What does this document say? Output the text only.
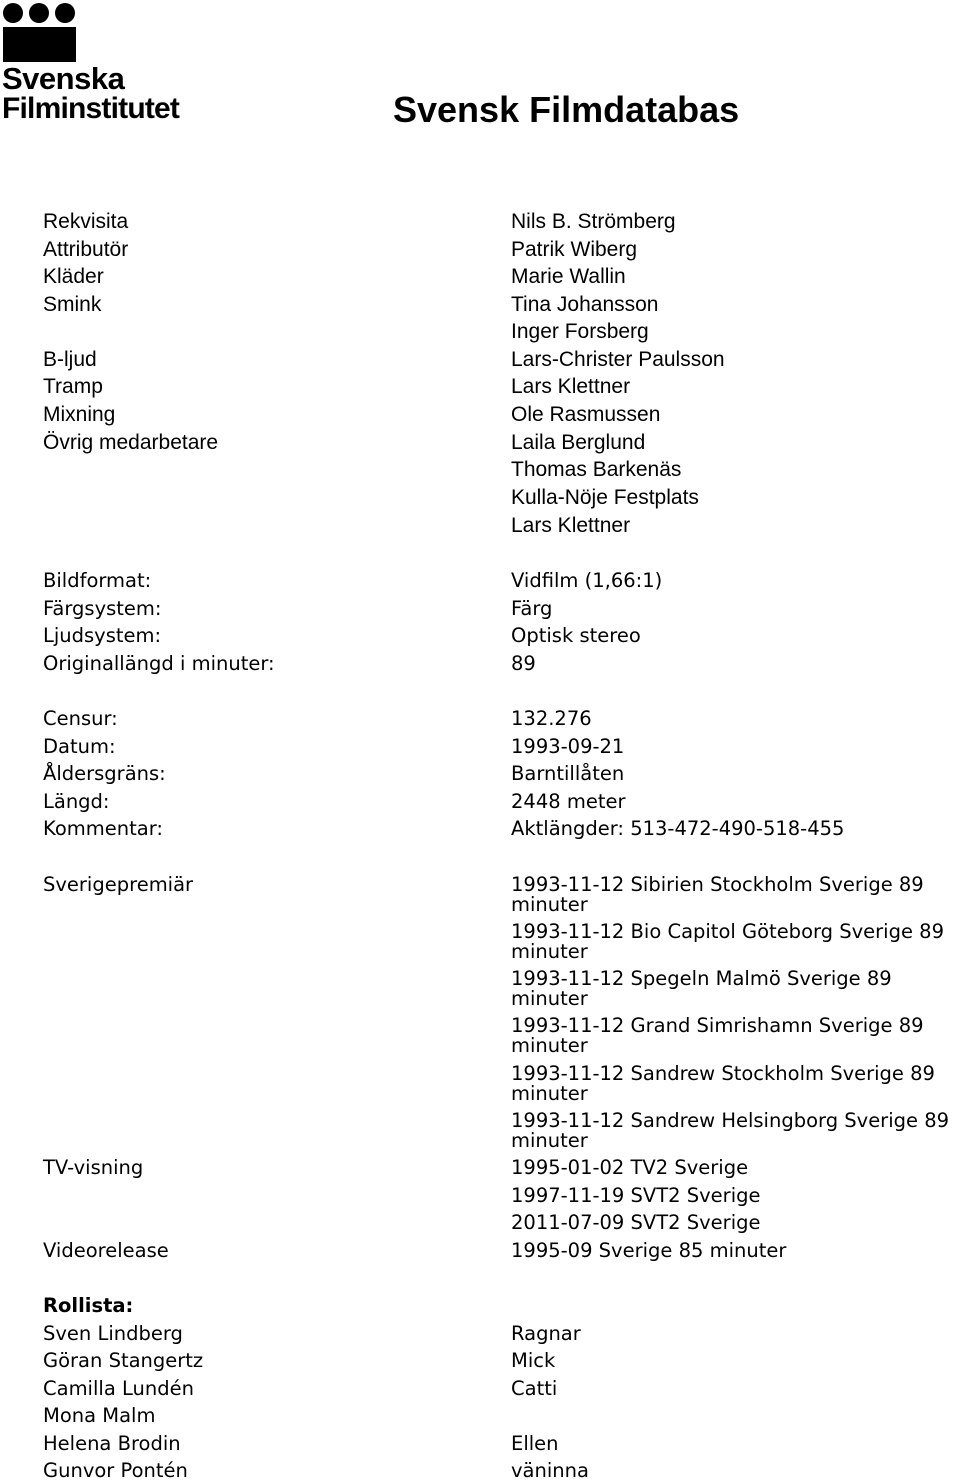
Svenska
Filminstitutet	Svensk Filmdatabas
Rekvisita	Nils B. Strömberg
Attributör	Patrik Wiberg
Kläder	Marie Wallin
Smink	Tina Johansson
Inger Forsberg
B-ljud	Lars-Christer Paulsson
Tramp	Lars Klettner
Mixning	Ole Rasmussen
Övrig medarbetare	Laila Berglund
Thomas Barkenäs
Kulla-Nöje Festplats
Lars Klettner
Bildformat:	Vidfilm (1,66:1)
Färgsystem:	Färg
Ljudsystem:	Optisk stereo
Originallängd i minuter:	89
Censur:	132.276
Datum:	1993-09-21
Åldersgräns:	Barntillåten
Längd:	2448 meter
Kommentar:	Aktlängder: 513-472-490-518-455
Sverigepremiär	1993-11-12 Sibirien Stockholm Sverige 89 minuter
1993-11-12 Bio Capitol Göteborg Sverige 89 minuter
1993-11-12 Spegeln Malmö Sverige 89 minuter
1993-11-12 Grand Simrishamn Sverige 89 minuter
1993-11-12 Sandrew Stockholm Sverige 89 minuter
1993-11-12 Sandrew Helsingborg Sverige 89 minuter
TV-visning	1995-01-02 TV2 Sverige
1997-11-19 SVT2 Sverige
2011-07-09 SVT2 Sverige
Videorelease	1995-09 Sverige 85 minuter
Rollista:
Sven Lindberg	Ragnar
Göran Stangertz	Mick
Camilla Lundén	Catti
Mona Malm
Helena Brodin	Ellen
Gunvor Pontén	väninna
